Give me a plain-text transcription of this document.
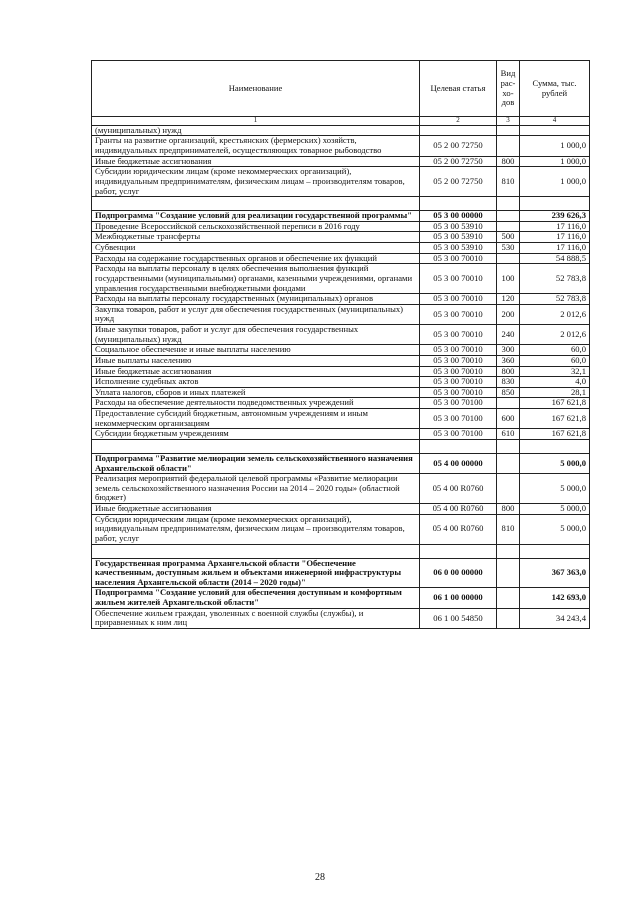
Наименование	Целевая статья	Вид рас-хо-дов	Сумма, тыс. рублей
1	2	3	4
(муниципальных) нужд			
Гранты на развитие организаций, крестьянских (фермерских) хозяйств, индивидуальных предпринимателей, осуществляющих товарное рыбоводство	05 2 00 72750		1 000,0
Иные бюджетные ассигнования	05 2 00 72750	800	1 000,0
Субсидии юридическим лицам (кроме некоммерческих организаций), индивидуальным предпринимателям, физическим лицам – производителям товаров, работ, услуг	05 2 00 72750	810	1 000,0

Подпрограмма "Создание условий для реализации государственной программы"	05 3 00 00000		239 626,3
Проведение Всероссийской сельскохозяйственной переписи в 2016 году	05 3 00 53910		17 116,0
Межбюджетные трансферты	05 3 00 53910	500	17 116,0
Субвенции	05 3 00 53910	530	17 116,0
Расходы на содержание государственных органов и обеспечение их функций	05 3 00 70010		54 888,5
Расходы на выплаты персоналу в целях обеспечения выполнения функций государственными (муниципальными) органами, казенными учреждениями, органами управления государственными внебюджетными фондами	05 3 00 70010	100	52 783,8
Расходы на выплаты персоналу государственных (муниципальных) органов	05 3 00 70010	120	52 783,8
Закупка товаров, работ и услуг для обеспечения государственных (муниципальных) нужд	05 3 00 70010	200	2 012,6
Иные закупки товаров, работ и услуг для обеспечения государственных (муниципальных) нужд	05 3 00 70010	240	2 012,6
Социальное обеспечение и иные выплаты населению	05 3 00 70010	300	60,0
Иные выплаты населению	05 3 00 70010	360	60,0
Иные бюджетные ассигнования	05 3 00 70010	800	32,1
Исполнение судебных актов	05 3 00 70010	830	4,0
Уплата налогов, сборов и иных платежей	05 3 00 70010	850	28,1
Расходы на обеспечение деятельности подведомственных учреждений	05 3 00 70100		167 621,8
Предоставление субсидий бюджетным, автономным учреждениям и иным некоммерческим организациям	05 3 00 70100	600	167 621,8
Субсидии бюджетным учреждениям	05 3 00 70100	610	167 621,8

Подпрограмма "Развитие мелиорации земель сельскохозяйственного назначения Архангельской области"	05 4 00 00000		5 000,0
Реализация мероприятий федеральной целевой программы «Развитие мелиорации земель сельскохозяйственного назначения России на 2014 – 2020 годы» (областной бюджет)	05 4 00 R0760		5 000,0
Иные бюджетные ассигнования	05 4 00 R0760	800	5 000,0
Субсидии юридическим лицам (кроме некоммерческих организаций), индивидуальным предпринимателям, физическим лицам – производителям товаров, работ, услуг	05 4 00 R0760	810	5 000,0

Государственная программа Архангельской области "Обеспечение качественным, доступным жильем и объектами инженерной инфраструктуры населения Архангельской области (2014 – 2020 годы)"	06 0 00 00000		367 363,0
Подпрограмма "Создание условий для обеспечения доступным и комфортным жильем жителей Архангельской области"	06 1 00 00000		142 693,0
Обеспечение жильем граждан, уволенных с военной службы (службы), и приравненных к ним лиц	06 1 00 54850		34 243,4
28
